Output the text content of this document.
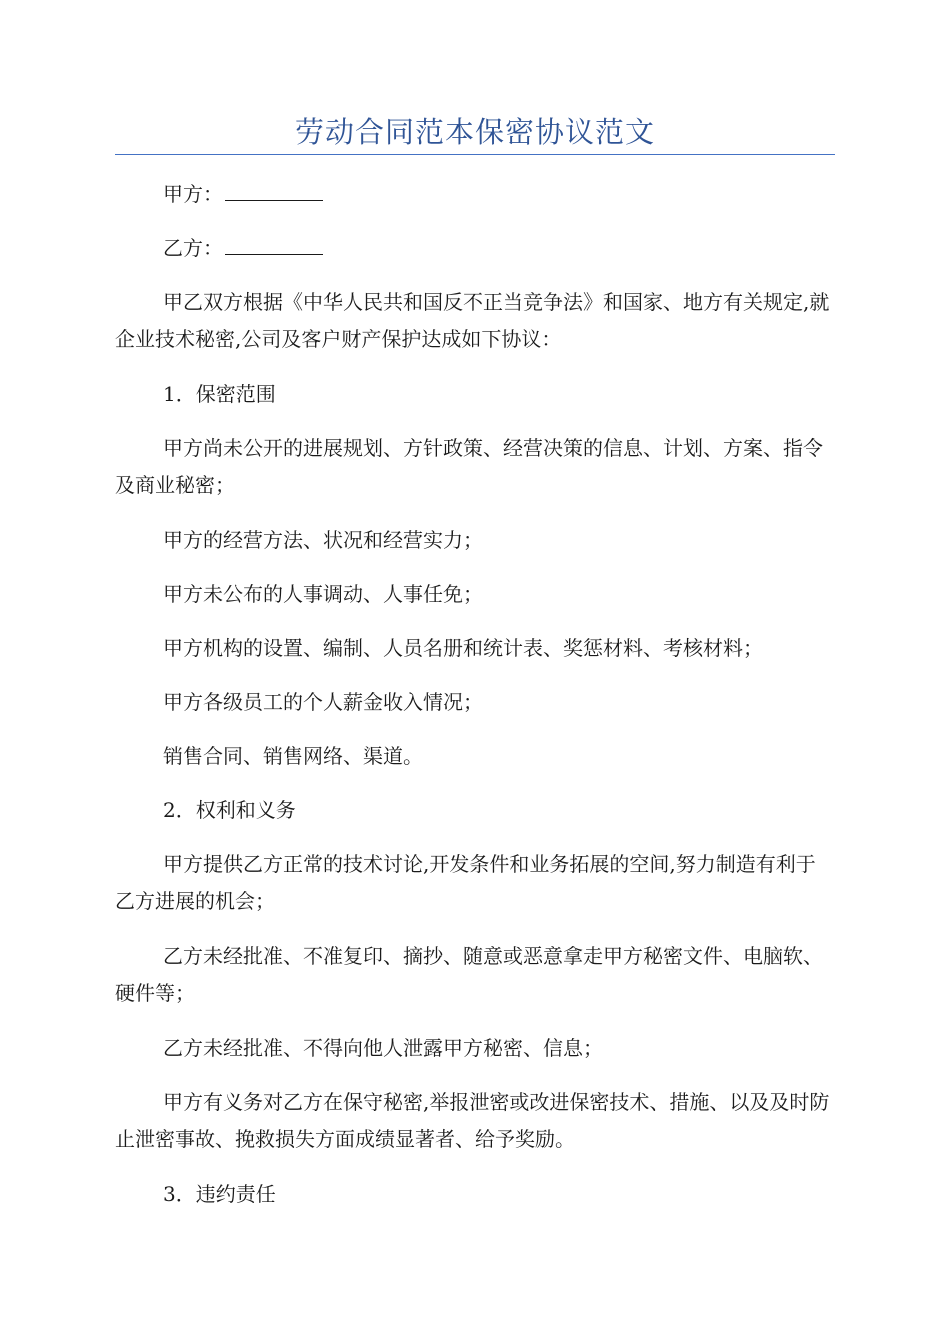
劳动合同范本保密协议范文

甲方：

乙方：

甲乙双方根据《中华人民共和国反不正当竞争法》和国家、地方有关规定,就企业技术秘密,公司及客户财产保护达成如下协议：

1．保密范围

甲方尚未公开的进展规划、方针政策、经营决策的信息、计划、方案、指令及商业秘密；

甲方的经营方法、状况和经营实力；

甲方未公布的人事调动、人事任免；

甲方机构的设置、编制、人员名册和统计表、奖惩材料、考核材料；

甲方各级员工的个人薪金收入情况；

销售合同、销售网络、渠道。

2．权利和义务

甲方提供乙方正常的技术讨论,开发条件和业务拓展的空间,努力制造有利于乙方进展的机会；

乙方未经批准、不准复印、摘抄、随意或恶意拿走甲方秘密文件、电脑软、硬件等；

乙方未经批准、不得向他人泄露甲方秘密、信息；

甲方有义务对乙方在保守秘密,举报泄密或改进保密技术、措施、以及及时防止泄密事故、挽救损失方面成绩显著者、给予奖励。

3．违约责任
